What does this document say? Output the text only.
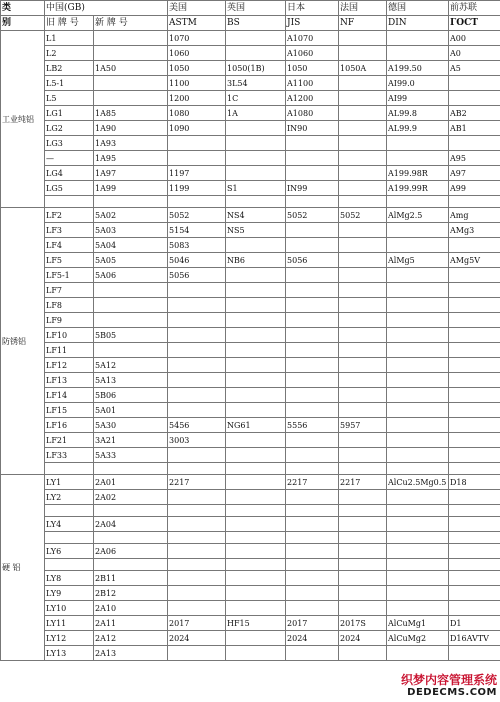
类	中国(GB)		美国	英国	日本	法国	德国	前苏联
别	旧 牌 号	新 牌 号	ASTM	BS	JIS	NF	DIN	ГОСТ
工业纯铝	L1		1070		A1070			A00
	L2		1060		A1060			A0
	LB2	1A50	1050	1050(1B)	1050	1050A	A199.50	A5
	L5-1		1100	3L54	A1100		AI99.0	
	L5		1200	1C	A1200		AI99	
	LG1	1A85	1080	1A	A1080		AL99.8	AB2
	LG2	1A90	1090		IN90		AL99.9	AB1
	LG3	1A93						
	—	1A95						A95
	LG4	1A97	1197				A199.98R	A97
	LG5	1A99	1199	S1	IN99		A199.99R	A99

防锈铝	LF2	5A02	5052	NS4	5052	5052	AlMg2.5	Amg
	LF3	5A03	5154	NS5				AMg3
	LF4	5A04	5083					
	LF5	5A05	5046	NB6	5056		AlMg5	AMg5V
	LF5-1	5A06	5056					
	LF7							
	LF8							
	LF9							
	LF10	5B05						
	LF11							
	LF12	5A12						
	LF13	5A13						
	LF14	5B06						
	LF15	5A01						
	LF16	5A30	5456	NG61	5556	5957		
	LF21	3A21	3003					
	LF33	5A33						

硬 铝	LY1	2A01	2217		2217	2217	AlCu2.5Mg0.5	D18
	LY2	2A02						

	LY4	2A04						

	LY6	2A06						

	LY8	2B11						
	LY9	2B12						
	LY10	2A10						
	LY11	2A11	2017	HF15	2017	2017S	AlCuMg1	D1
	LY12	2A12	2024		2024	2024	AlCuMg2	D16AVTV
	LY13	2A13						
织梦内容管理系统
DEDECMS.COM
